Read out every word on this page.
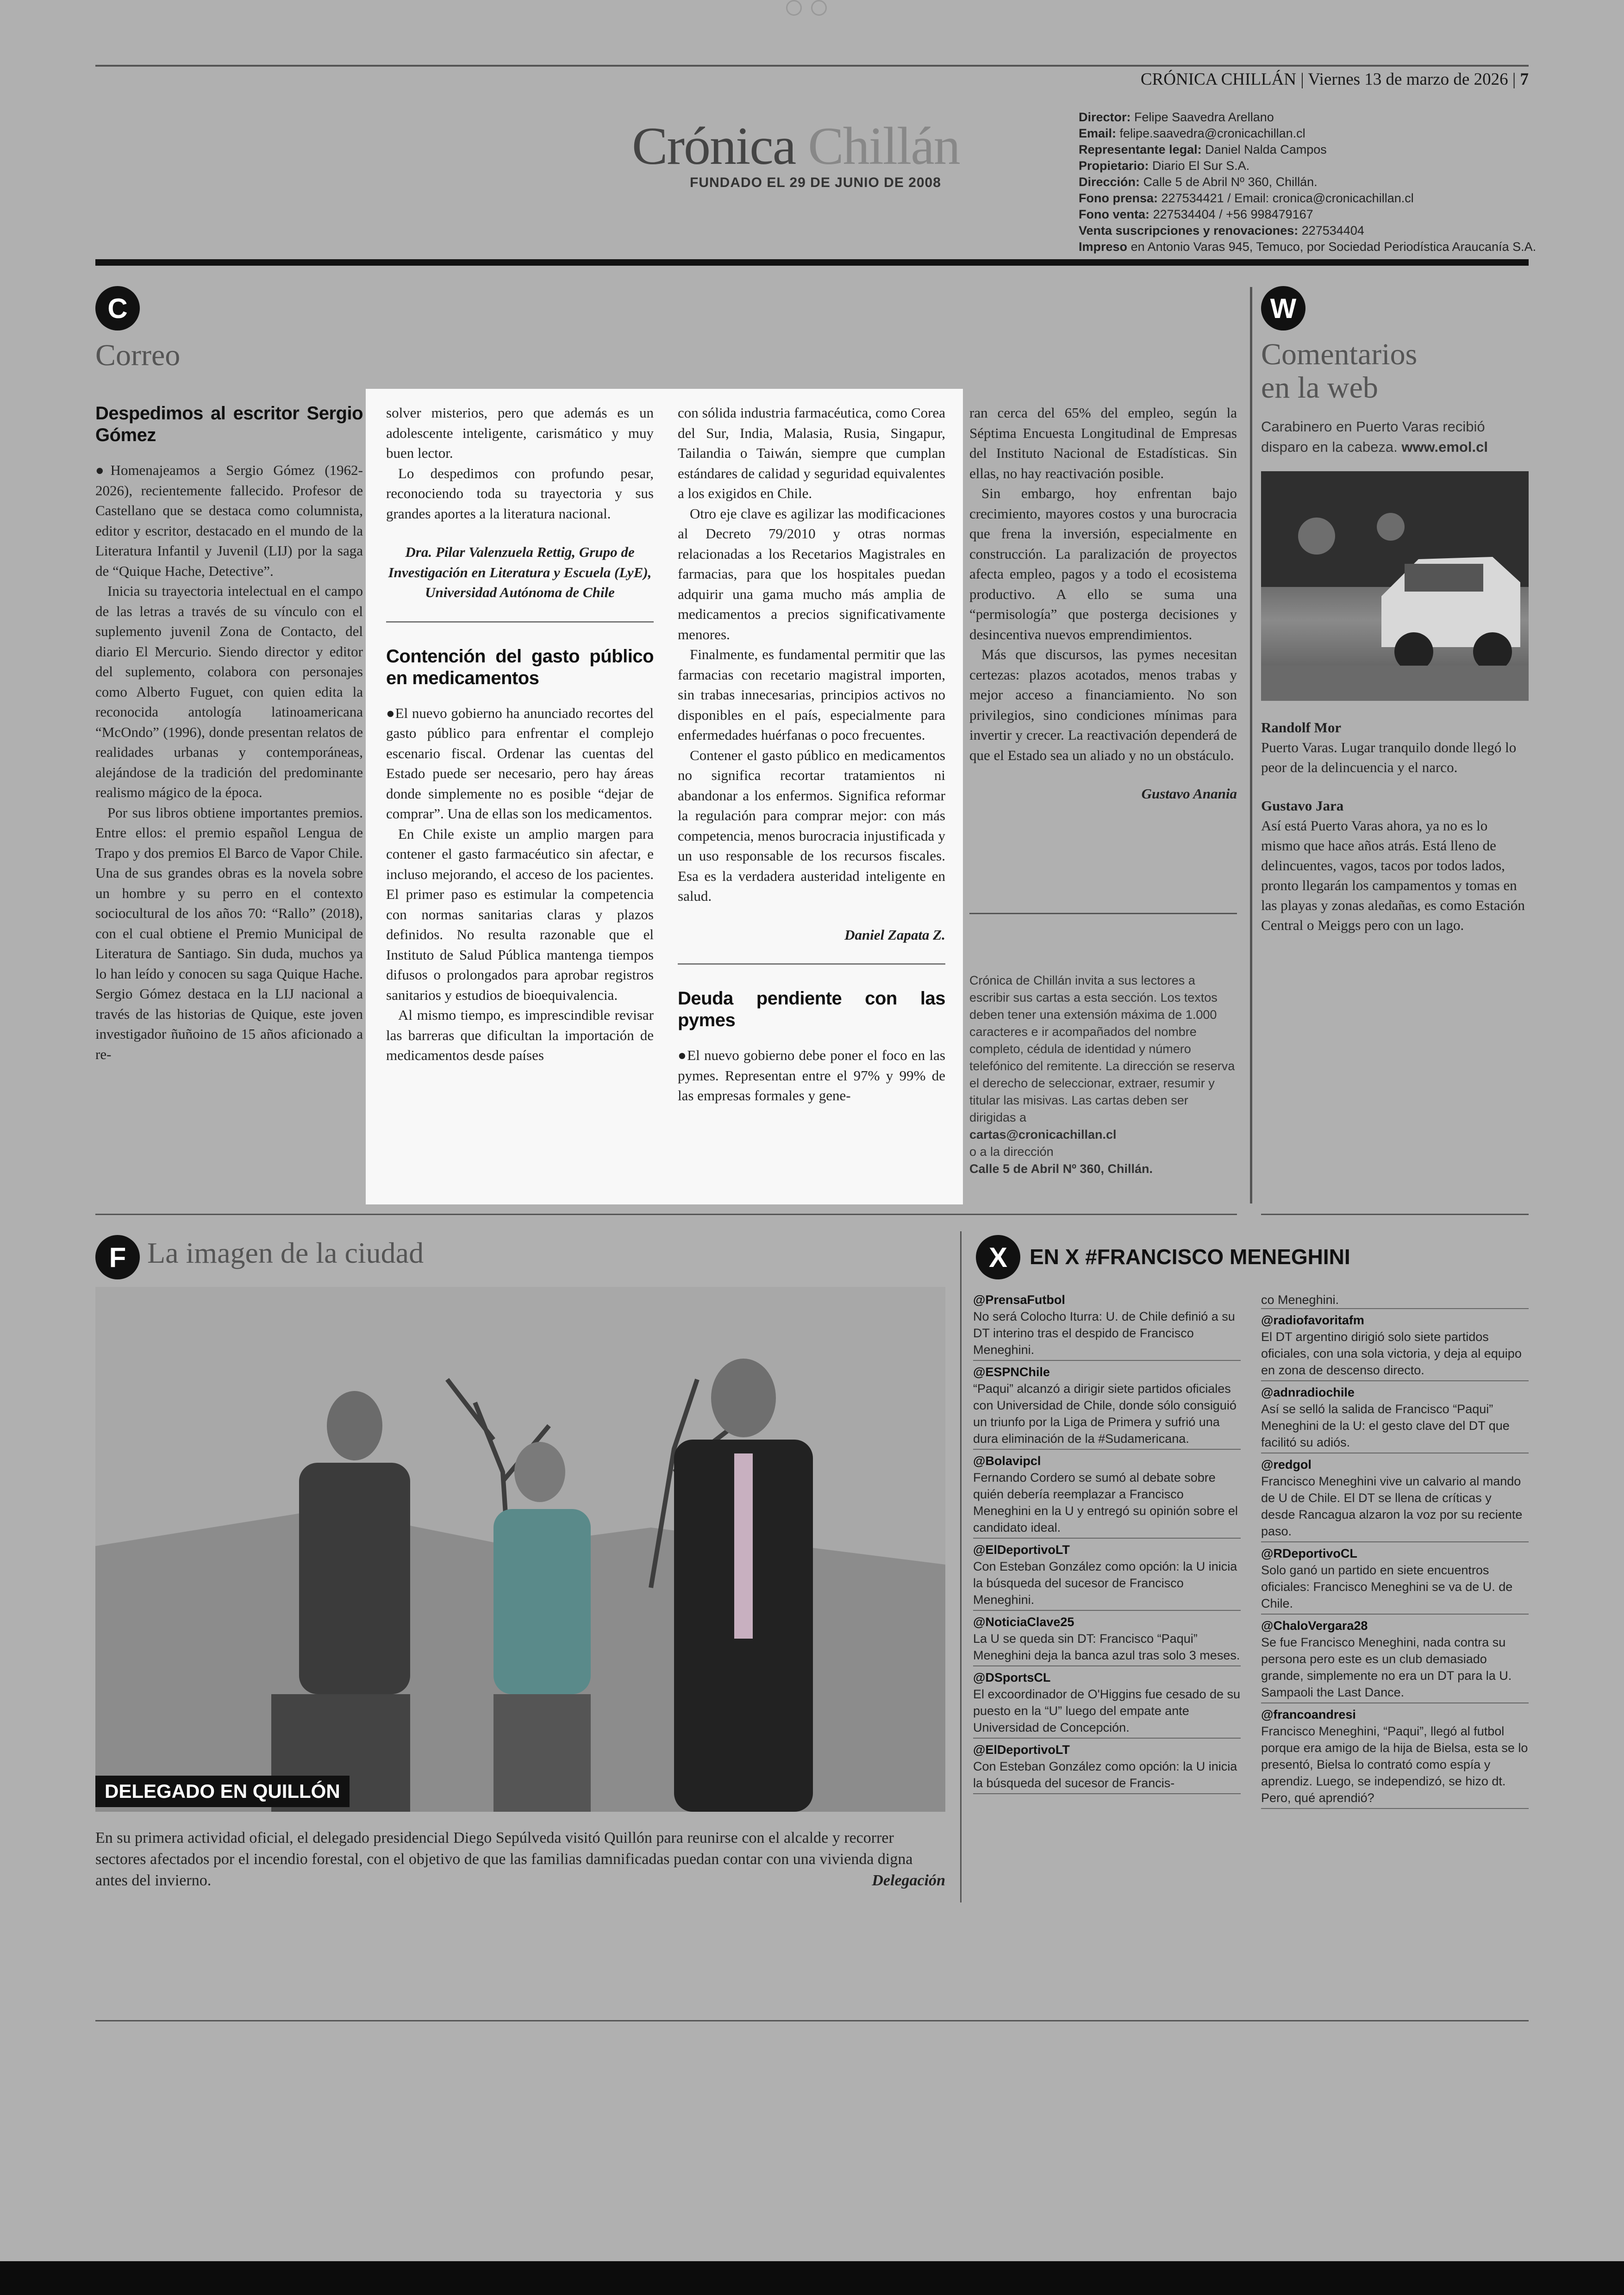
CRÓNICA CHILLÁN | Viernes 13 de marzo de 2026 | 7
Crónica Chillán
FUNDADO EL 29 DE JUNIO DE 2008
Director: Felipe Saavedra Arellano
Email: felipe.saavedra@cronicachillan.cl
Representante legal: Daniel Nalda Campos
Propietario: Diario El Sur S.A.
Dirección: Calle 5 de Abril Nº 360, Chillán.
Fono prensa: 227534421 / Email: cronica@cronicachillan.cl
Fono venta: 227534404 / +56 998479167
Venta suscripciones y renovaciones: 227534404
Impreso en Antonio Varas 945, Temuco, por Sociedad Periodística Araucanía S.A.
C
Correo
Despedimos al escritor Sergio Gómez

●Homenajeamos a Sergio Gómez (1962-2026), recientemente fallecido. Profesor de Castellano que se destaca como columnista, editor y escritor, destacado en el mundo de la Literatura Infantil y Juvenil (LIJ) por la saga de “Quique Hache, Detective”.

Inicia su trayectoria intelectual en el campo de las letras a través de su vínculo con el suplemento juvenil Zona de Contacto, del diario El Mercurio. Siendo director y editor del suplemento, colabora con personajes como Alberto Fuguet, con quien edita la reconocida antología latinoamericana “McOndo” (1996), donde presentan relatos de realidades urbanas y contemporáneas, alejándose de la tradición del predominante realismo mágico de la época.

Por sus libros obtiene importantes premios. Entre ellos: el premio español Lengua de Trapo y dos premios El Barco de Vapor Chile. Una de sus grandes obras es la novela sobre un hombre y su perro en el contexto sociocultural de los años 70: “Rallo” (2018), con el cual obtiene el Premio Municipal de Literatura de Santiago. Sin duda, muchos ya lo han leído y conocen su saga Quique Hache. Sergio Gómez destaca en la LIJ nacional a través de las historias de Quique, este joven investigador ñuñoino de 15 años aficionado a re-

solver misterios, pero que además es un adolescente inteligente, carismático y muy buen lector.

Lo despedimos con profundo pesar, reconociendo toda su trayectoria y sus grandes aportes a la literatura nacional.

Dra. Pilar Valenzuela Rettig, Grupo de Investigación en Literatura y Escuela (LyE), Universidad Autónoma de Chile

Contención del gasto público en medicamentos

●El nuevo gobierno ha anunciado recortes del gasto público para enfrentar el complejo escenario fiscal. Ordenar las cuentas del Estado puede ser necesario, pero hay áreas donde simplemente no es posible “dejar de comprar”. Una de ellas son los medicamentos.

En Chile existe un amplio margen para contener el gasto farmacéutico sin afectar, e incluso mejorando, el acceso de los pacientes. El primer paso es estimular la competencia con normas sanitarias claras y plazos definidos. No resulta razonable que el Instituto de Salud Pública mantenga tiempos difusos o prolongados para aprobar registros sanitarios y estudios de bioequivalencia.

Al mismo tiempo, es imprescindible revisar las barreras que dificultan la importación de medicamentos desde países

con sólida industria farmacéutica, como Corea del Sur, India, Malasia, Rusia, Singapur, Tailandia o Taiwán, siempre que cumplan estándares de calidad y seguridad equivalentes a los exigidos en Chile.

Otro eje clave es agilizar las modificaciones al Decreto 79/2010 y otras normas relacionadas a los Recetarios Magistrales en farmacias, para que los hospitales puedan adquirir una gama mucho más amplia de medicamentos a precios significativamente menores.

Finalmente, es fundamental permitir que las farmacias con recetario magistral importen, sin trabas innecesarias, principios activos no disponibles en el país, especialmente para enfermedades huérfanas o poco frecuentes.

Contener el gasto público en medicamentos no significa recortar tratamientos ni abandonar a los enfermos. Significa reformar la regulación para comprar mejor: con más competencia, menos burocracia injustificada y un uso responsable de los recursos fiscales. Esa es la verdadera austeridad inteligente en salud.

Daniel Zapata Z.

Deuda pendiente con las pymes

●El nuevo gobierno debe poner el foco en las pymes. Representan entre el 97% y 99% de las empresas formales y gene-

ran cerca del 65% del empleo, según la Séptima Encuesta Longitudinal de Empresas del Instituto Nacional de Estadísticas. Sin ellas, no hay reactivación posible.

Sin embargo, hoy enfrentan bajo crecimiento, mayores costos y una burocracia que frena la inversión, especialmente en construcción. La paralización de proyectos afecta empleo, pagos y a todo el ecosistema productivo. A ello se suma una “permisología” que posterga decisiones y desincentiva nuevos emprendimientos.

Más que discursos, las pymes necesitan certezas: plazos acotados, menos trabas y mejor acceso a financiamiento. No son privilegios, sino condiciones mínimas para invertir y crecer. La reactivación dependerá de que el Estado sea un aliado y no un obstáculo.

Gustavo Anania

Crónica de Chillán invita a sus lectores a escribir sus cartas a esta sección. Los textos deben tener una extensión máxima de 1.000 caracteres e ir acompañados del nombre completo, cédula de identidad y número telefónico del remitente. La dirección se reserva el derecho de seleccionar, extraer, resumir y titular las misivas. Las cartas deben ser dirigidas a
cartas@cronicachillan.cl
o a la dirección
Calle 5 de Abril Nº 360, Chillán.
W
Comentarios
en la web
Carabinero en Puerto Varas recibió disparo en la cabeza. www.emol.cl
Randolf Mor
Puerto Varas. Lugar tranquilo donde llegó lo peor de la delincuencia y el narco.
Gustavo Jara
Así está Puerto Varas ahora, ya no es lo mismo que hace años atrás. Está lleno de delincuentes, vagos, tacos por todos lados, pronto llegarán los campamentos y tomas en las playas y zonas aledañas, es como Estación Central o Meiggs pero con un lago.
F La imagen de la ciudad
DELEGADO EN QUILLÓN
En su primera actividad oficial, el delegado presidencial Diego Sepúlveda visitó Quillón para reunirse con el alcalde y recorrer sectores afectados por el incendio forestal, con el objetivo de que las familias damnificadas puedan contar con una vivienda digna antes del invierno.	Delegación
X	EN X #FRANCISCO MENEGHINI
@PrensaFutbol
No será Colocho Iturra: U. de Chile definió a su DT interino tras el despido de Francisco Meneghini.
@ESPNChile
“Paqui” alcanzó a dirigir siete partidos oficiales con Universidad de Chile, donde sólo consiguió un triunfo por la Liga de Primera y sufrió una dura eliminación de la #Sudamericana.
@Bolavipcl
Fernando Cordero se sumó al debate sobre quién debería reemplazar a Francisco Meneghini en la U y entregó su opinión sobre el candidato ideal.
@ElDeportivoLT
Con Esteban González como opción: la U inicia la búsqueda del sucesor de Francisco Meneghini.
@NoticiaClave25
La U se queda sin DT: Francisco “Paqui” Meneghini deja la banca azul tras solo 3 meses.
@DSportsCL
El excoordinador de O'Higgins fue cesado de su puesto en la “U” luego del empate ante Universidad de Concepción.
@ElDeportivoLT
Con Esteban González como opción: la U inicia la búsqueda del sucesor de Francis-
co Meneghini.
@radiofavoritafm
El DT argentino dirigió solo siete partidos oficiales, con una sola victoria, y deja al equipo en zona de descenso directo.
@adnradiochile
Así se selló la salida de Francisco “Paqui” Meneghini de la U: el gesto clave del DT que facilitó su adiós.
@redgol
Francisco Meneghini vive un calvario al mando de U de Chile. El DT se llena de críticas y desde Rancagua alzaron la voz por su reciente paso.
@RDeportivoCL
Solo ganó un partido en siete encuentros oficiales: Francisco Meneghini se va de U. de Chile.
@ChaloVergara28
Se fue Francisco Meneghini, nada contra su persona pero este es un club demasiado grande, simplemente no era un DT para la U. Sampaoli the Last Dance.
@francoandresi
Francisco Meneghini, “Paqui”, llegó al futbol porque era amigo de la hija de Bielsa, esta se lo presentó, Bielsa lo contrató como espía y aprendiz. Luego, se independizó, se hizo dt. Pero, qué aprendió?
